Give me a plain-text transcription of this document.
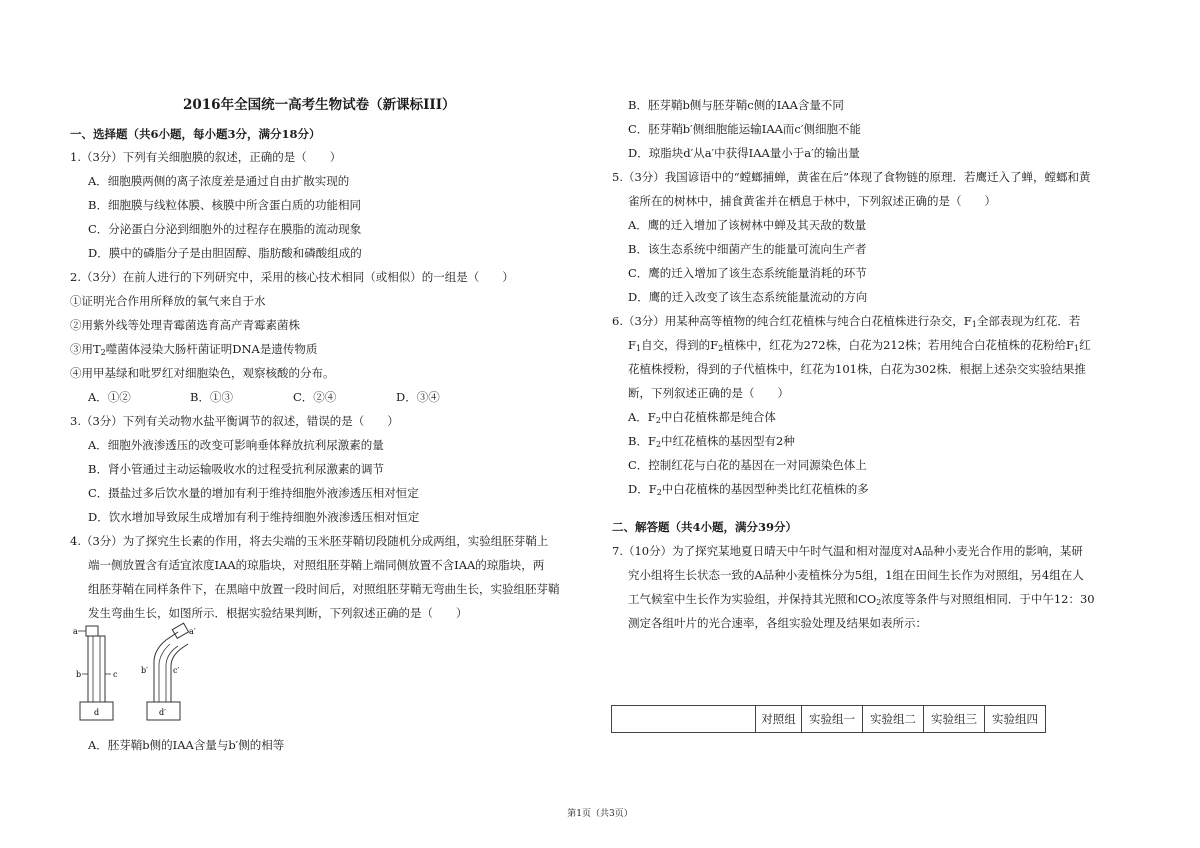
2016年全国统一高考生物试卷（新课标III）
一、选择题（共6小题，每小题3分，满分18分）
1.（3分）下列有关细胞膜的叙述，正确的是（　　）
A．细胞膜两侧的离子浓度差是通过自由扩散实现的
B．细胞膜与线粒体膜、核膜中所含蛋白质的功能相同
C．分泌蛋白分泌到细胞外的过程存在膜脂的流动现象
D．膜中的磷脂分子是由胆固醇、脂肪酸和磷酸组成的
2.（3分）在前人进行的下列研究中，采用的核心技术相同（或相似）的一组是（　　）
①证明光合作用所释放的氧气来自于水
②用紫外线等处理青霉菌选育高产青霉素菌株
③用$T_2$噬菌体浸染大肠杆菌证明DNA是遗传物质
④用甲基绿和吡罗红对细胞染色，观察核酸的分布。
A．①②	B．①③	C．②④	D．③④
3.（3分）下列有关动物水盐平衡调节的叙述，错误的是（　　）
A．细胞外液渗透压的改变可影响垂体释放抗利尿激素的量
B．肾小管通过主动运输吸收水的过程受抗利尿激素的调节
C．摄盐过多后饮水量的增加有利于维持细胞外液渗透压相对恒定
D．饮水增加导致尿生成增加有利于维持细胞外液渗透压相对恒定
4.（3分）为了探究生长素的作用，将去尖端的玉米胚芽鞘切段随机分成两组，实验组胚芽鞘上
端一侧放置含有适宜浓度IAA的琼脂块，对照组胚芽鞘上端同侧放置不含IAA的琼脂块，两
组胚芽鞘在同样条件下，在黑暗中放置一段时间后，对照组胚芽鞘无弯曲生长，实验组胚芽鞘
发生弯曲生长，如图所示．根据实验结果判断，下列叙述正确的是（　　）
a
b	c
d
a′
b′	c′
d′
A．胚芽鞘b侧的IAA含量与b′侧的相等
B．胚芽鞘b侧与胚芽鞘c侧的IAA含量不同
C．胚芽鞘b′侧细胞能运输IAA而c′侧细胞不能
D．琼脂块d′从a′中获得IAA量小于a′的输出量
5.（3分）我国谚语中的“螳螂捕蝉，黄雀在后”体现了食物链的原理．若鹰迁入了蝉，螳螂和黄
雀所在的树林中，捕食黄雀并在栖息于林中，下列叙述正确的是（　　）
A．鹰的迁入增加了该树林中蝉及其天敌的数量
B．该生态系统中细菌产生的能量可流向生产者
C．鹰的迁入增加了该生态系统能量消耗的环节
D．鹰的迁入改变了该生态系统能量流动的方向
6.（3分）用某种高等植物的纯合红花植株与纯合白花植株进行杂交，$F_1$全部表现为红花．若
$F_1$自交，得到的$F_2$植株中，红花为272株，白花为212株；若用纯合白花植株的花粉给$F_1$红
花植株授粉，得到的子代植株中，红花为101株，白花为302株．根据上述杂交实验结果推
断，下列叙述正确的是（　　）
A．$F_2$中白花植株都是纯合体
B．$F_2$中红花植株的基因型有2种
C．控制红花与白花的基因在一对同源染色体上
D．$F_2$中白花植株的基因型种类比红花植株的多
二、解答题（共4小题，满分39分）
7.（10分）为了探究某地夏日晴天中午时气温和相对湿度对A品种小麦光合作用的影响，某研
究小组将生长状态一致的A品种小麦植株分为5组，1组在田间生长作为对照组，另4组在人
工气候室中生长作为实验组，并保持其光照和$CO_2$浓度等条件与对照组相同．于中午12：30
测定各组叶片的光合速率，各组实验处理及结果如表所示：
	对照组	实验组一	实验组二	实验组三	实验组四
第1页（共3页）
